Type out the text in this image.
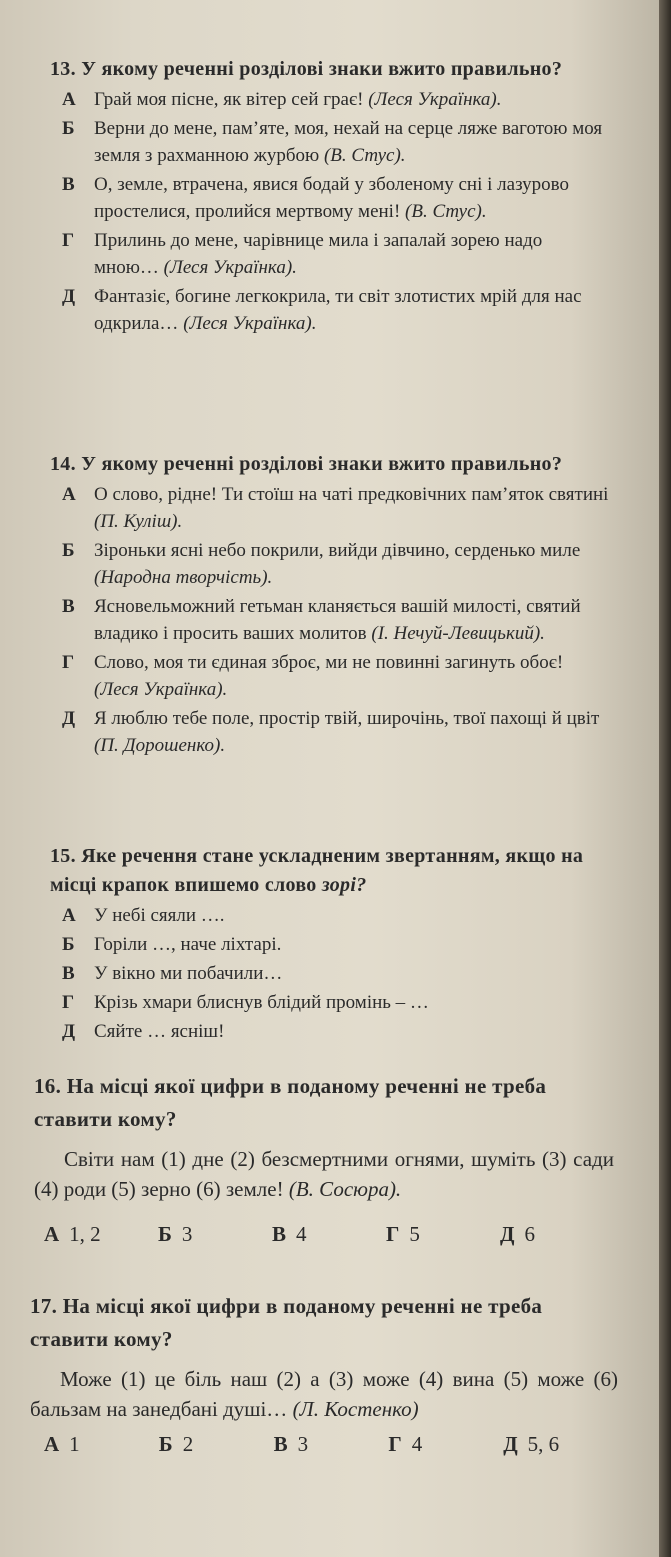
13. У якому реченні розділові знаки вжито правильно?

А Грай моя пісне, як вітер сей грає! (Леся Українка).
Б	Верни до мене, пам’яте, моя, нехай на серце ляже ваготою моя земля з рахманною журбою (В. Стус).
В	О, земле, втрачена, явися бодай у зболеному сні і лазурово простелися, пролийся мертвому мені! (В. Стус).
Г	Прилинь до мене, чарівнице мила і запалай зорею надо мною… (Леся Українка).
Д Фантазіє, богине легкокрила, ти світ злотистих мрій для нас одкрила… (Леся Українка).

14. У якому реченні розділові знаки вжито правильно?

А О слово, рідне! Ти стоїш на чаті предковічних пам’яток святині (П. Куліш).
Б	Зіроньки ясні небо покрили, вийди дівчино, серденько миле (Народна творчість).
В	Ясновельможний гетьман кланяється вашій милості, святий владико і просить ваших молитов (І. Нечуй-Левицький).
Г	Слово, моя ти єдиная зброє, ми не повинні загинуть обоє! (Леся Українка).
Д Я люблю тебе поле, простір твій, широчінь, твої пахощі й цвіт (П. Дорошенко).

15. Яке речення стане ускладненим звертанням, якщо на місці крапок впишемо слово зорі?

А У небі сяяли ….
Б	Горіли …, наче ліхтарі.
В	У вікно ми побачили…
Г	Крізь хмари блиснув блідий промінь – …
Д Сяйте … ясніш!

16. На місці якої цифри в поданому реченні не треба ставити кому?

Світи нам (1) дне (2) безсмертними огнями, шуміть (3) сади (4) роди (5) зерно (6) земле! (В. Сосюра).
А 1, 2	Б 3	В 4	Г 5	Д 6

17. На місці якої цифри в поданому реченні не треба ставити кому?

Може (1) це біль наш (2) а (3) може (4) вина (5) може (6) бальзам на занедбані душі… (Л. Костенко)
А 1	Б 2	В 3	Г 4	Д 5, 6
